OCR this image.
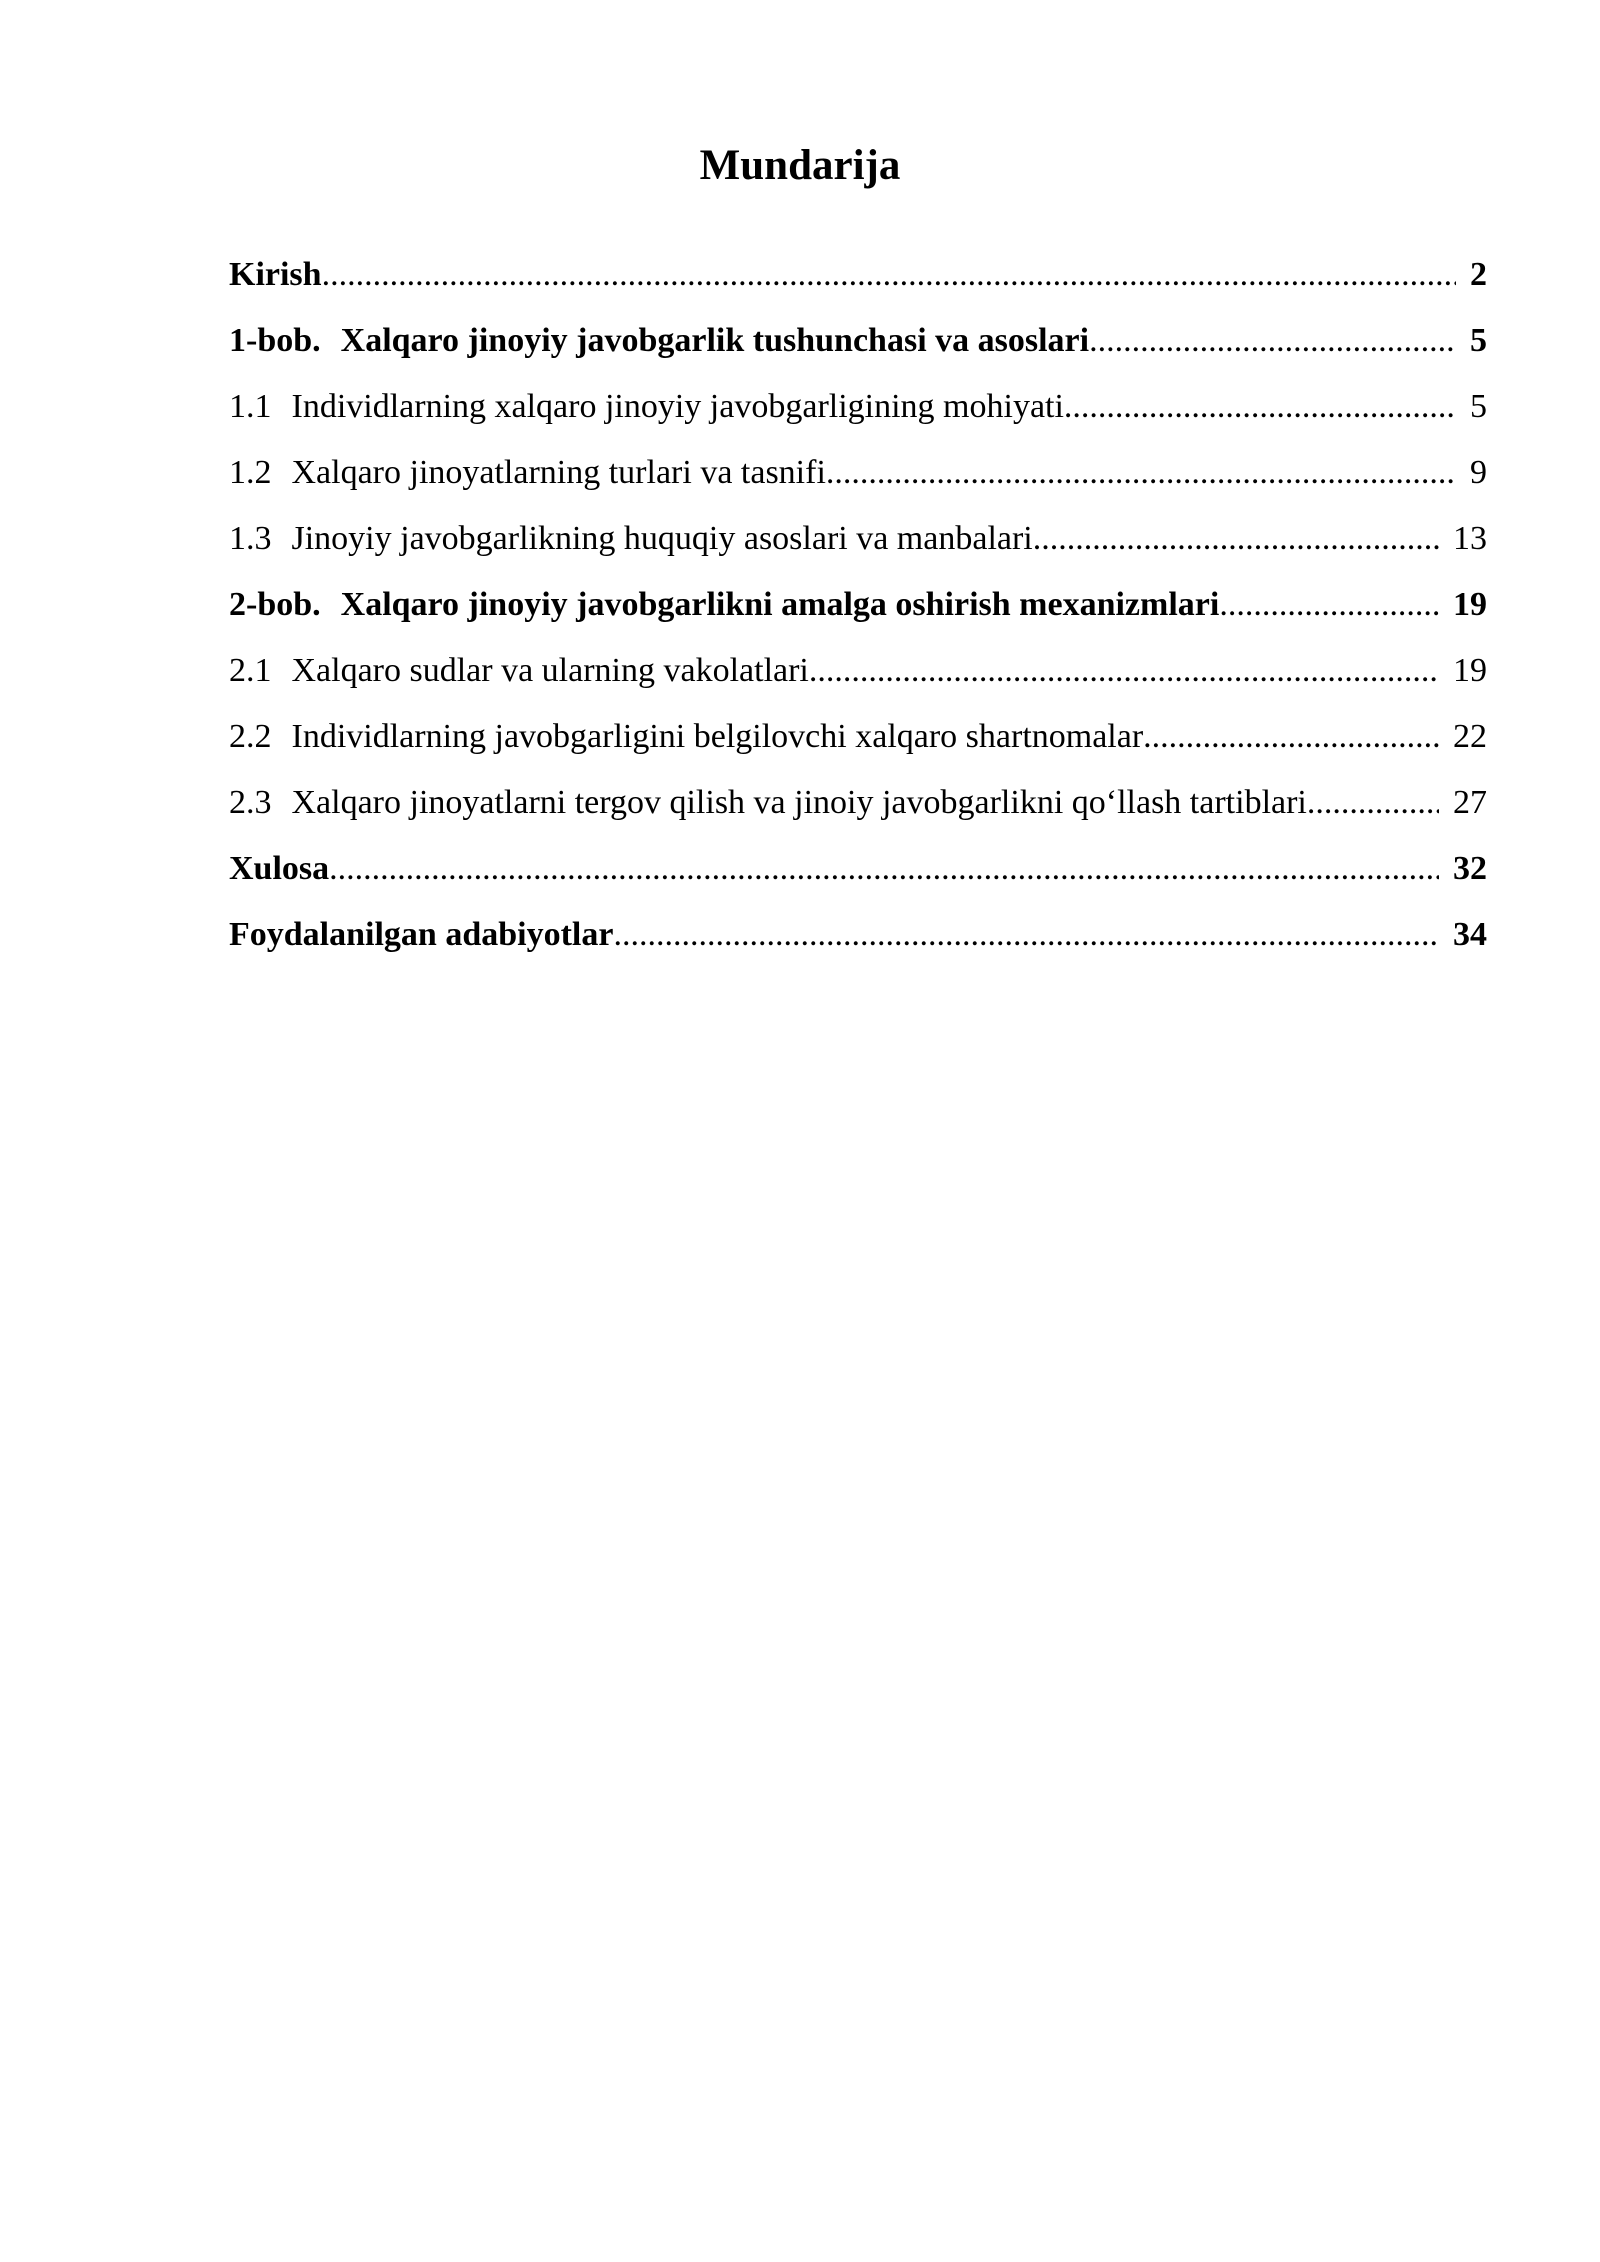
Mundarija
Kirish .....	2
1-bob. Xalqaro jinoyiy javobgarlik tushunchasi va asoslari .....	5
1.1 Individlarning xalqaro jinoyiy javobgarligining mohiyati .....	5
1.2 Xalqaro jinoyatlarning turlari va tasnifi .....	9
1.3 Jinoyiy javobgarlikning huquqiy asoslari va manbalari .....	13
2-bob. Xalqaro jinoyiy javobgarlikni amalga oshirish mexanizmlari .....	19
2.1 Xalqaro sudlar va ularning vakolatlari .....	19
2.2 Individlarning javobgarligini belgilovchi xalqaro shartnomalar .....	22
2.3 Xalqaro jinoyatlarni tergov qilish va jinoiy javobgarlikni qo‘llash tartiblari .....	27
Xulosa .....	32
Foydalanilgan adabiyotlar .....	34
